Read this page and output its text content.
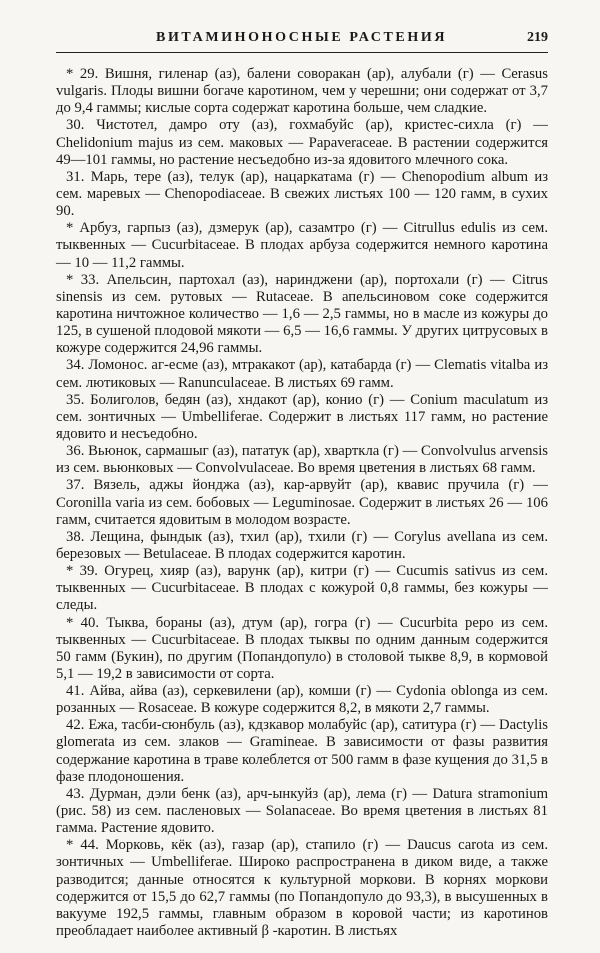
ВИТАМИНОНОСНЫЕ РАСТЕНИЯ	219

* 29. Вишня, гиленар (аз), балени соворакан (ар), алубали (г) — Cerasus vulgaris. Плоды вишни богаче каротином, чем у черешни; они содержат от 3,7 до 9,4 гаммы; кислые сорта содержат каротина больше, чем сладкие.

30. Чистотел, дамро оту (аз), гохмабуйс (ар), кристес-сихла (г) — Chelidonium majus из сем. маковых — Papaveraceae. В растении содержится 49—101 гаммы, но растение несъедобно из-за ядовитого млечного сока.

31. Марь, тере (аз), телук (ар), нацаркатама (г) — Chenopodium album из сем. маревых — Chenopodiaceae. В свежих листьях 100 — 120 гамм, в сухих 90.

* Арбуз, гарпыз (аз), дзмерук (ар), сазамтро (г) — Citrullus edulis из сем. тыквенных — Cucurbitaceae. В плодах арбуза содержится немного каротина — 10 — 11,2 гаммы.

* 33. Апельсин, партохал (аз), наринджени (ар), портохали (г) — Citrus sinensis из сем. рутовых — Rutaceae. В апельсиновом соке содержится каротина ничтожное количество — 1,6 — 2,5 гаммы, но в масле из кожуры до 125, в сушеной плодовой мякоти — 6,5 — 16,6 гаммы. У других цитрусовых в кожуре содержится 24,96 гаммы.

34. Ломонос. аг-есме (аз), мтракакот (ар), катабарда (г) — Clematis vitalba из сем. лютиковых — Ranunculaceae. В листьях 69 гамм.

35. Болиголов, бедян (аз), хндакот (ар), конио (г) — Conium maculatum из сем. зонтичных — Umbelliferae. Содержит в листьях 117 гамм, но растение ядовито и несъедобно.

36. Вьюнок, сармашыг (аз), пататук (ар), хварткла (г) — Convolvulus arvensis из сем. вьюнковых — Convolvulaceae. Во время цветения в листьях 68 гамм.

37. Вязель, аджы йонджа (аз), кар-арвуйт (ар), квавис пручила (г) — Coronilla varia из сем. бобовых — Leguminosae. Содержит в листьях 26 — 106 гамм, считается ядовитым в молодом возрасте.

38. Лещина, фындык (аз), тхил (ар), тхили (г) — Corylus avellana из сем. березовых — Betulaceae. В плодах содержится каротин.

* 39. Огурец, хияр (аз), варунк (ар), китри (г) — Cucumis sativus из сем. тыквенных — Cucurbitaceae. В плодах с кожурой 0,8 гаммы, без кожуры — следы.

* 40. Тыква, бораны (аз), дтум (ар), гогра (г) — Cucurbita pepo из сем. тыквенных — Cucurbitaceae. В плодах тыквы по одним данным содержится 50 гамм (Букин), по другим (Попандопуло) в столовой тыкве 8,9, в кормовой 5,1 — 19,2 в зависимости от сорта.

41. Айва, айва (аз), серкевилени (ар), комши (г) — Cydonia oblonga из сем. розанных — Rosaceae. В кожуре содержится 8,2, в мякоти 2,7 гаммы.

42. Ежа, тасби-сюнбуль (аз), кдзкавор молабуйс (ар), сатитура (г) — Dactylis glomerata из сем. злаков — Gramineae. В зависимости от фазы развития содержание каротина в траве колеблется от 500 гамм в фазе кущения до 31,5 в фазе плодоношения.

43. Дурман, дэли бенк (аз), арч-ынкуйз (ар), лема (г) — Datura stramonium (рис. 58) из сем. пасленовых — Solanaceae. Во время цветения в листьях 81 гамма. Растение ядовито.

* 44. Морковь, кёк (аз), газар (ар), стапило (г) — Daucus carota из сем. зонтичных — Umbelliferae. Широко распространена в диком виде, а также разводится; данные относятся к культурной моркови. В корнях моркови содержится от 15,5 до 62,7 гаммы (по Попандопуло до 93,3), в высушенных в вакууме 192,5 гаммы, главным образом в коровой части; из каротинов преобладает наиболее активный β -каротин. В листьях
